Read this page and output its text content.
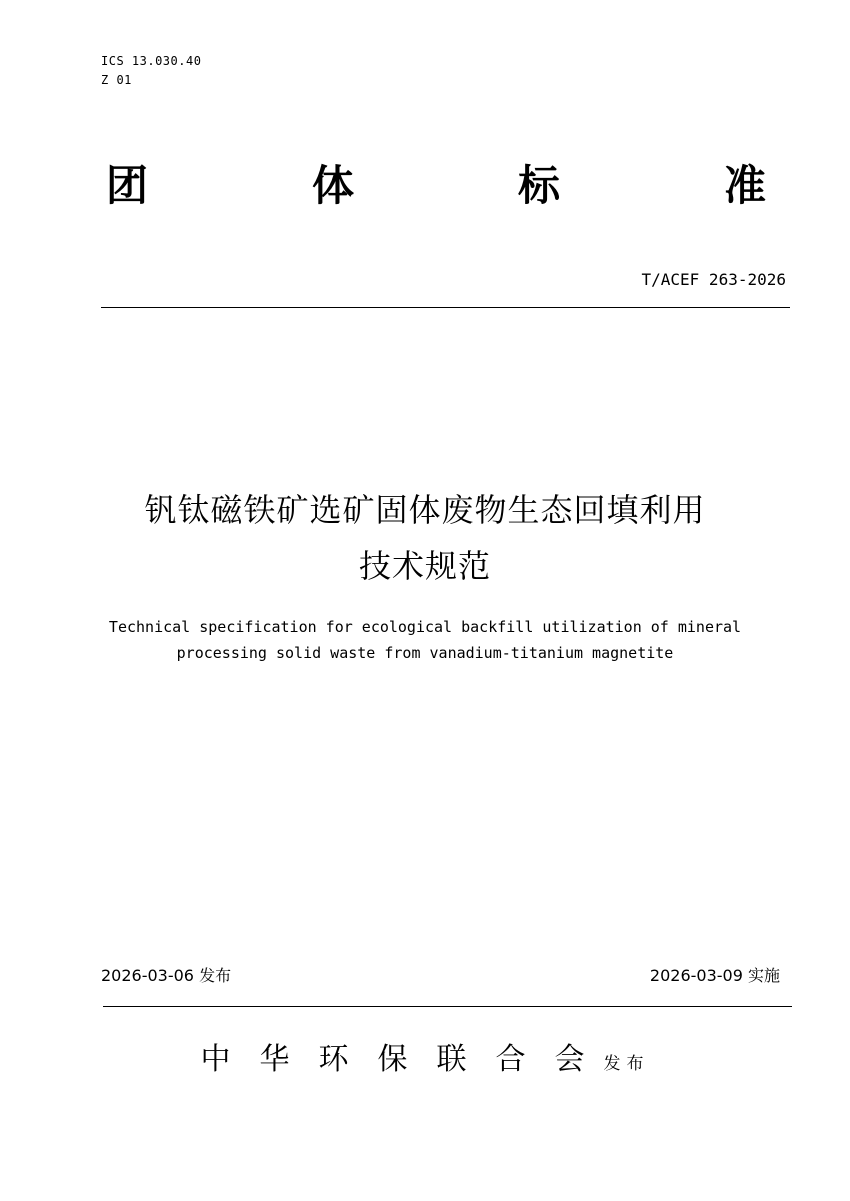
ICS 13.030.40
Z 01
团	体	标	准
T/ACEF 263-2026
钒钛磁铁矿选矿固体废物生态回填利用
技术规范
Technical specification for ecological backfill utilization of mineral
processing solid waste from vanadium-titanium magnetite
2026-03-06 发布	2026-03-09 实施
中华环保联合会
发布
